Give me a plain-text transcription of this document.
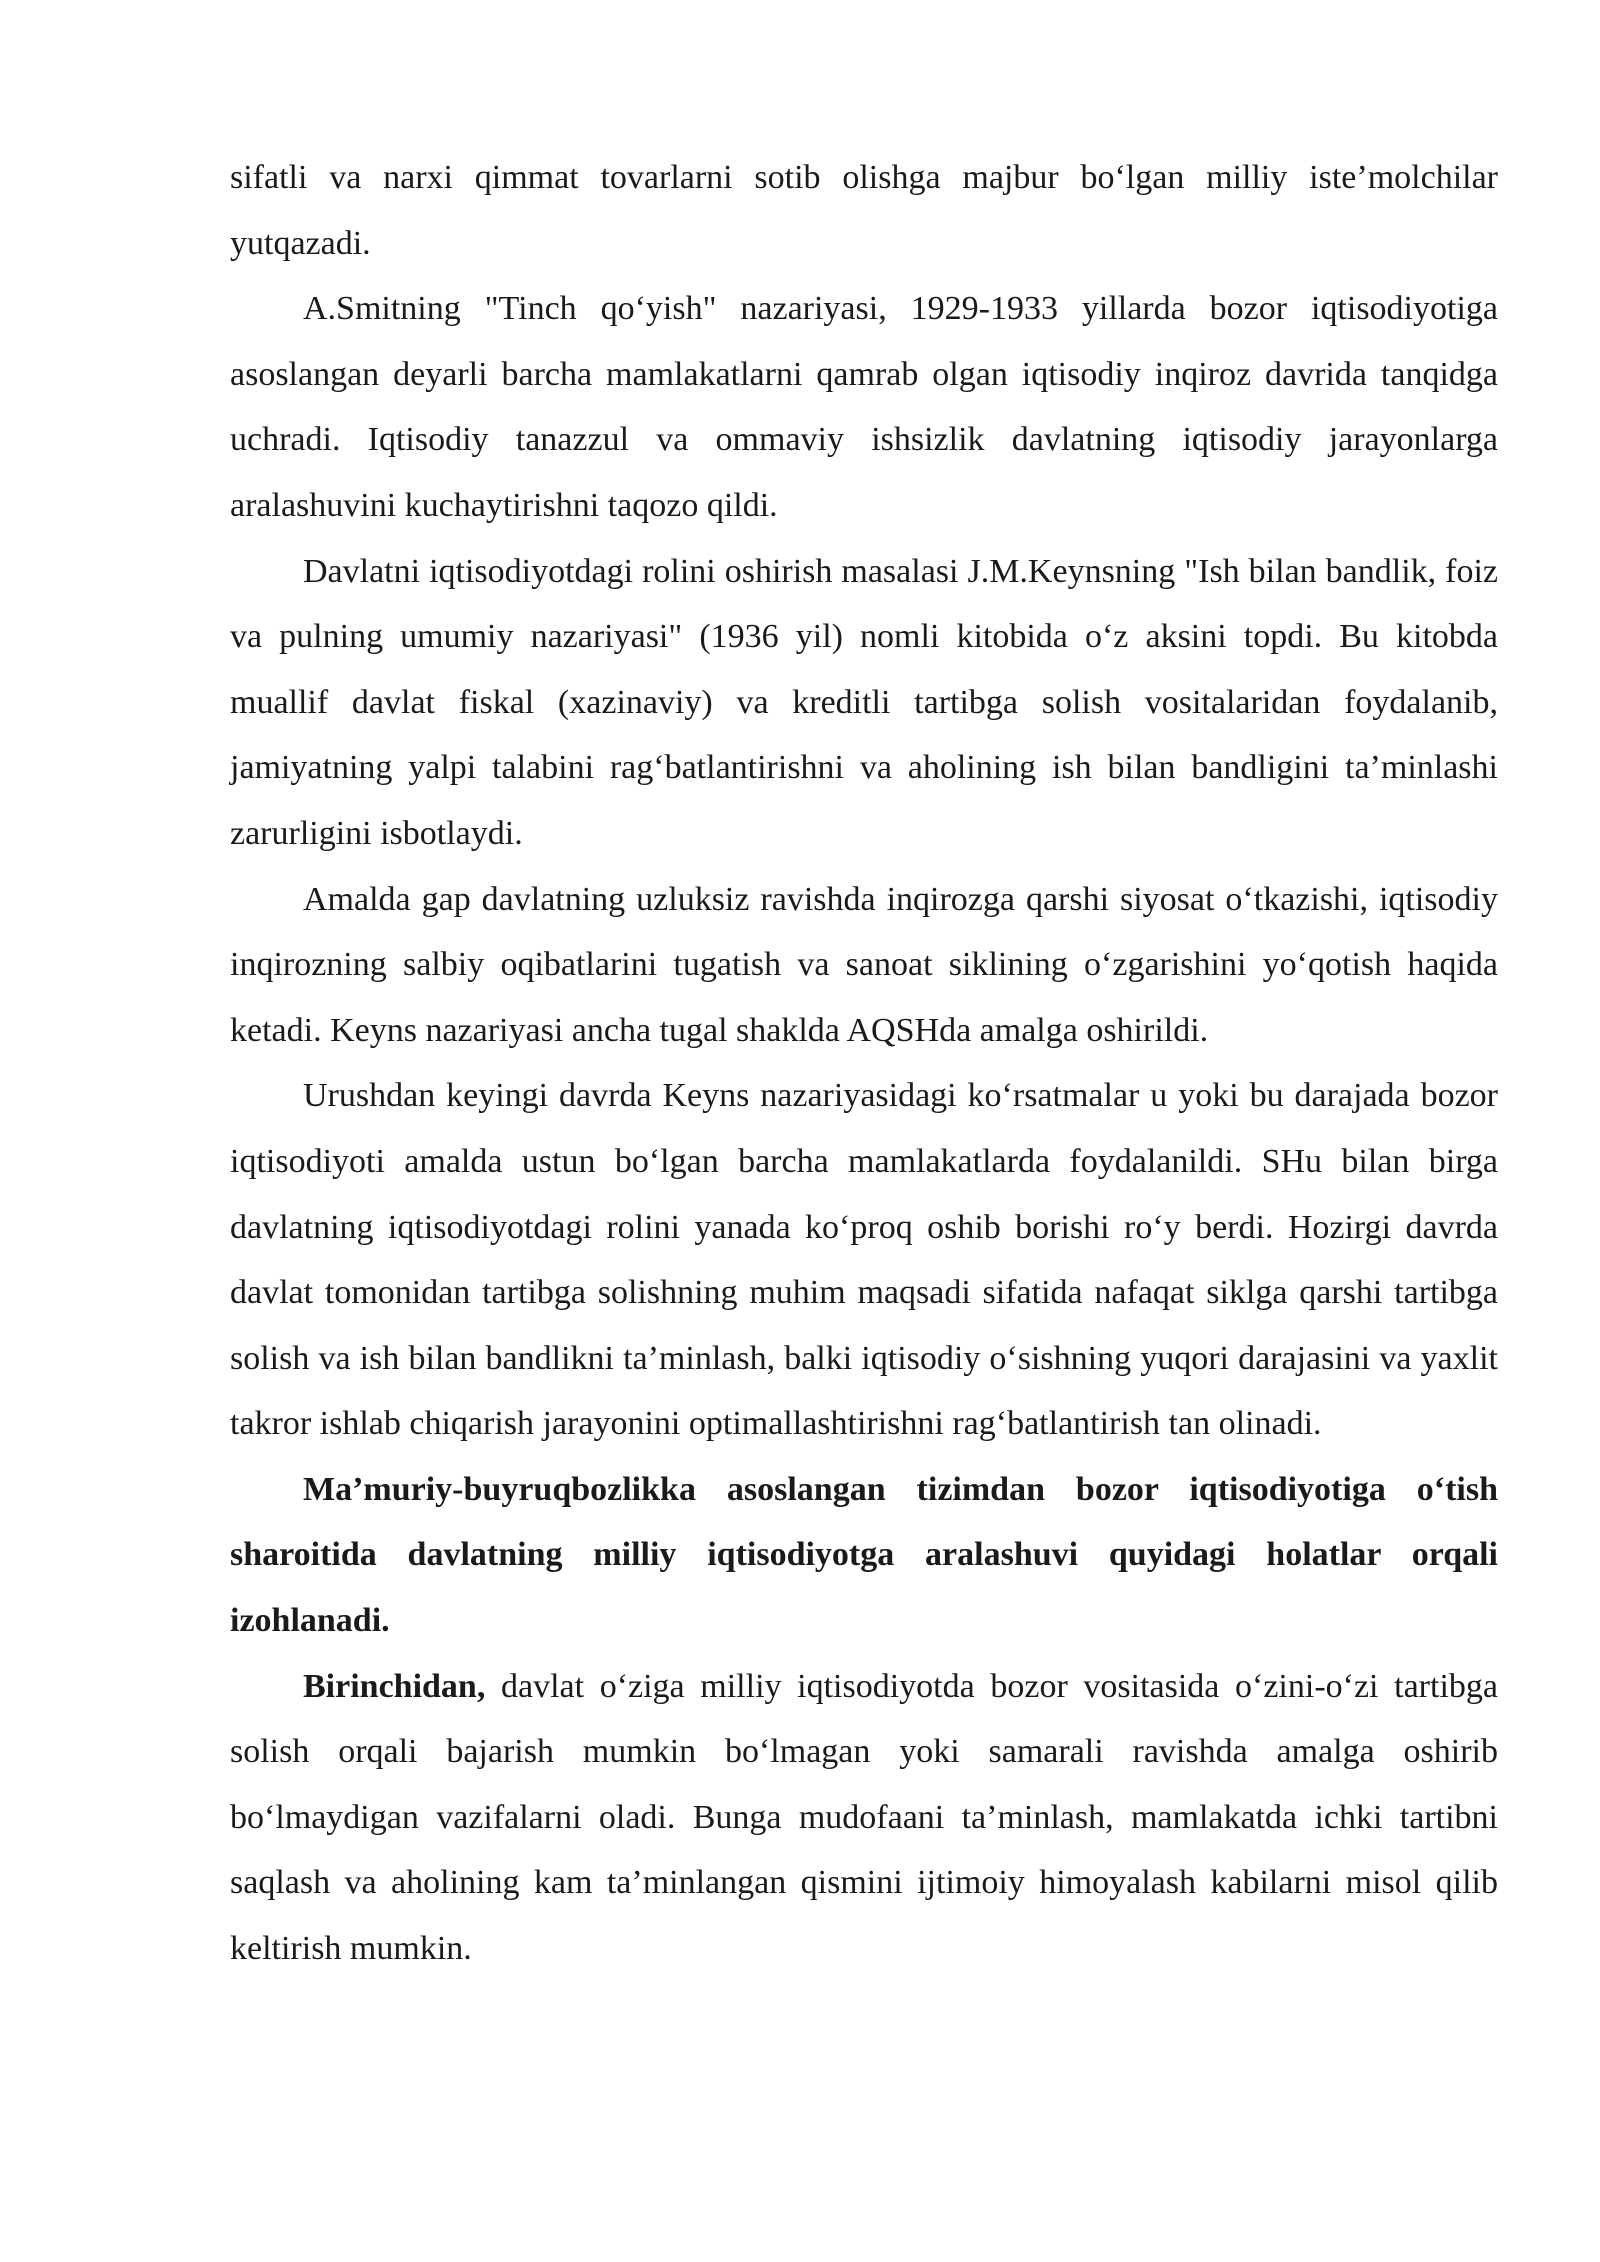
sifatli va narxi qimmat tovarlarni sotib olishga majbur bo‘lgan milliy iste’molchilar yutqazadi.

A.Smitning "Tinch qo‘yish" nazariyasi, 1929-1933 yillarda bozor iqtisodiyotiga asoslangan deyarli barcha mamlakatlarni qamrab olgan iqtisodiy inqiroz davrida tanqidga uchradi. Iqtisodiy tanazzul va ommaviy ishsizlik davlatning iqtisodiy jarayonlarga aralashuvini kuchaytirishni taqozo qildi.

Davlatni iqtisodiyotdagi rolini oshirish masalasi J.M.Keynsning "Ish bilan bandlik, foiz va pulning umumiy nazariyasi" (1936 yil) nomli kitobida o‘z aksini topdi. Bu kitobda muallif davlat fiskal (xazinaviy) va kreditli tartibga solish vositalaridan foydalanib, jamiyatning yalpi talabini rag‘batlantirishni va aholining ish bilan bandligini ta’minlashi zarurligini isbotlaydi.

Amalda gap davlatning uzluksiz ravishda inqirozga qarshi siyosat o‘tkazishi, iqtisodiy inqirozning salbiy oqibatlarini tugatish va sanoat siklining o‘zgarishini yo‘qotish haqida ketadi. Keyns nazariyasi ancha tugal shaklda AQSHda amalga oshirildi.

Urushdan keyingi davrda Keyns nazariyasidagi ko‘rsatmalar u yoki bu darajada bozor iqtisodiyoti amalda ustun bo‘lgan barcha mamlakatlarda foydalanildi. SHu bilan birga davlatning iqtisodiyotdagi rolini yanada ko‘proq oshib borishi ro‘y berdi. Hozirgi davrda davlat tomonidan tartibga solishning muhim maqsadi sifatida nafaqat siklga qarshi tartibga solish va ish bilan bandlikni ta’minlash, balki iqtisodiy o‘sishning yuqori darajasini va yaxlit takror ishlab chiqarish jarayonini optimallashtirishni rag‘batlantirish tan olinadi.

Ma’muriy-buyruqbozlikka asoslangan tizimdan bozor iqtisodiyotiga o‘tish sharoitida davlatning milliy iqtisodiyotga aralashuvi quyidagi holatlar orqali izohlanadi.

Birinchidan, davlat o‘ziga milliy iqtisodiyotda bozor vositasida o‘zini-o‘zi tartibga solish orqali bajarish mumkin bo‘lmagan yoki samarali ravishda amalga oshirib bo‘lmaydigan vazifalarni oladi. Bunga mudofaani ta’minlash, mamlakatda ichki tartibni saqlash va aholining kam ta’minlangan qismini ijtimoiy himoyalash kabilarni misol qilib keltirish mumkin.
